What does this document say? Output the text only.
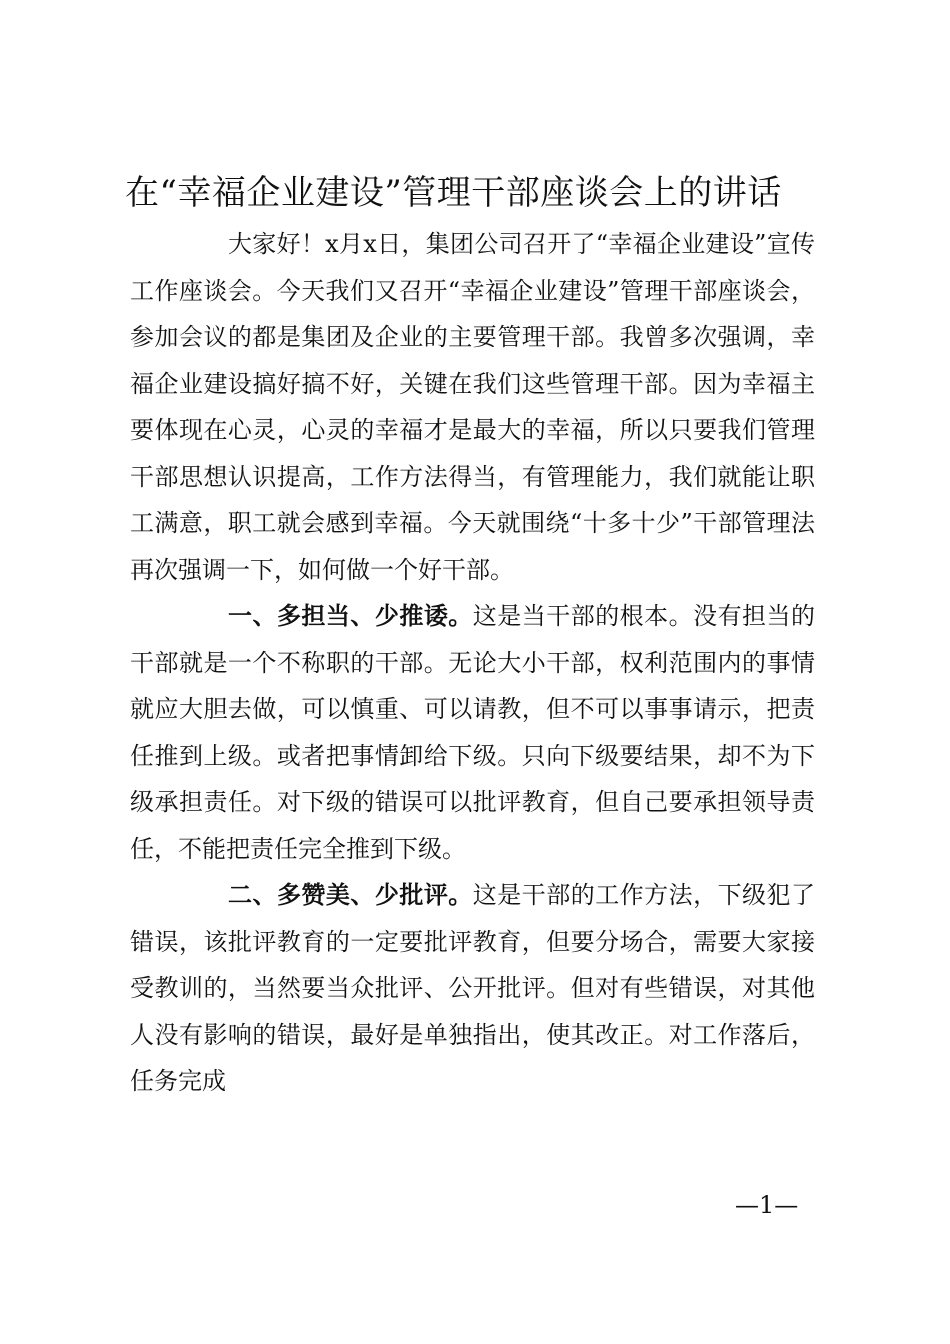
在“幸福企业建设”管理干部座谈会上的讲话

大家好！x月x日，集团公司召开了“幸福企业建设”宣传工作座谈会。今天我们又召开“幸福企业建设”管理干部座谈会，参加会议的都是集团及企业的主要管理干部。我曾多次强调，幸福企业建设搞好搞不好，关键在我们这些管理干部。因为幸福主要体现在心灵，心灵的幸福才是最大的幸福，所以只要我们管理干部思想认识提高，工作方法得当，有管理能力，我们就能让职工满意，职工就会感到幸福。今天就围绕“十多十少”干部管理法再次强调一下，如何做一个好干部。

一、多担当、少推诿。这是当干部的根本。没有担当的干部就是一个不称职的干部。无论大小干部，权利范围内的事情就应大胆去做，可以慎重、可以请教，但不可以事事请示，把责任推到上级。或者把事情卸给下级。只向下级要结果，却不为下级承担责任。对下级的错误可以批评教育，但自己要承担领导责任，不能把责任完全推到下级。

二、多赞美、少批评。这是干部的工作方法，下级犯了错误，该批评教育的一定要批评教育，但要分场合，需要大家接受教训的，当然要当众批评、公开批评。但对有些错误，对其他人没有影响的错误，最好是单独指出，使其改正。对工作落后，任务完成

—1—
